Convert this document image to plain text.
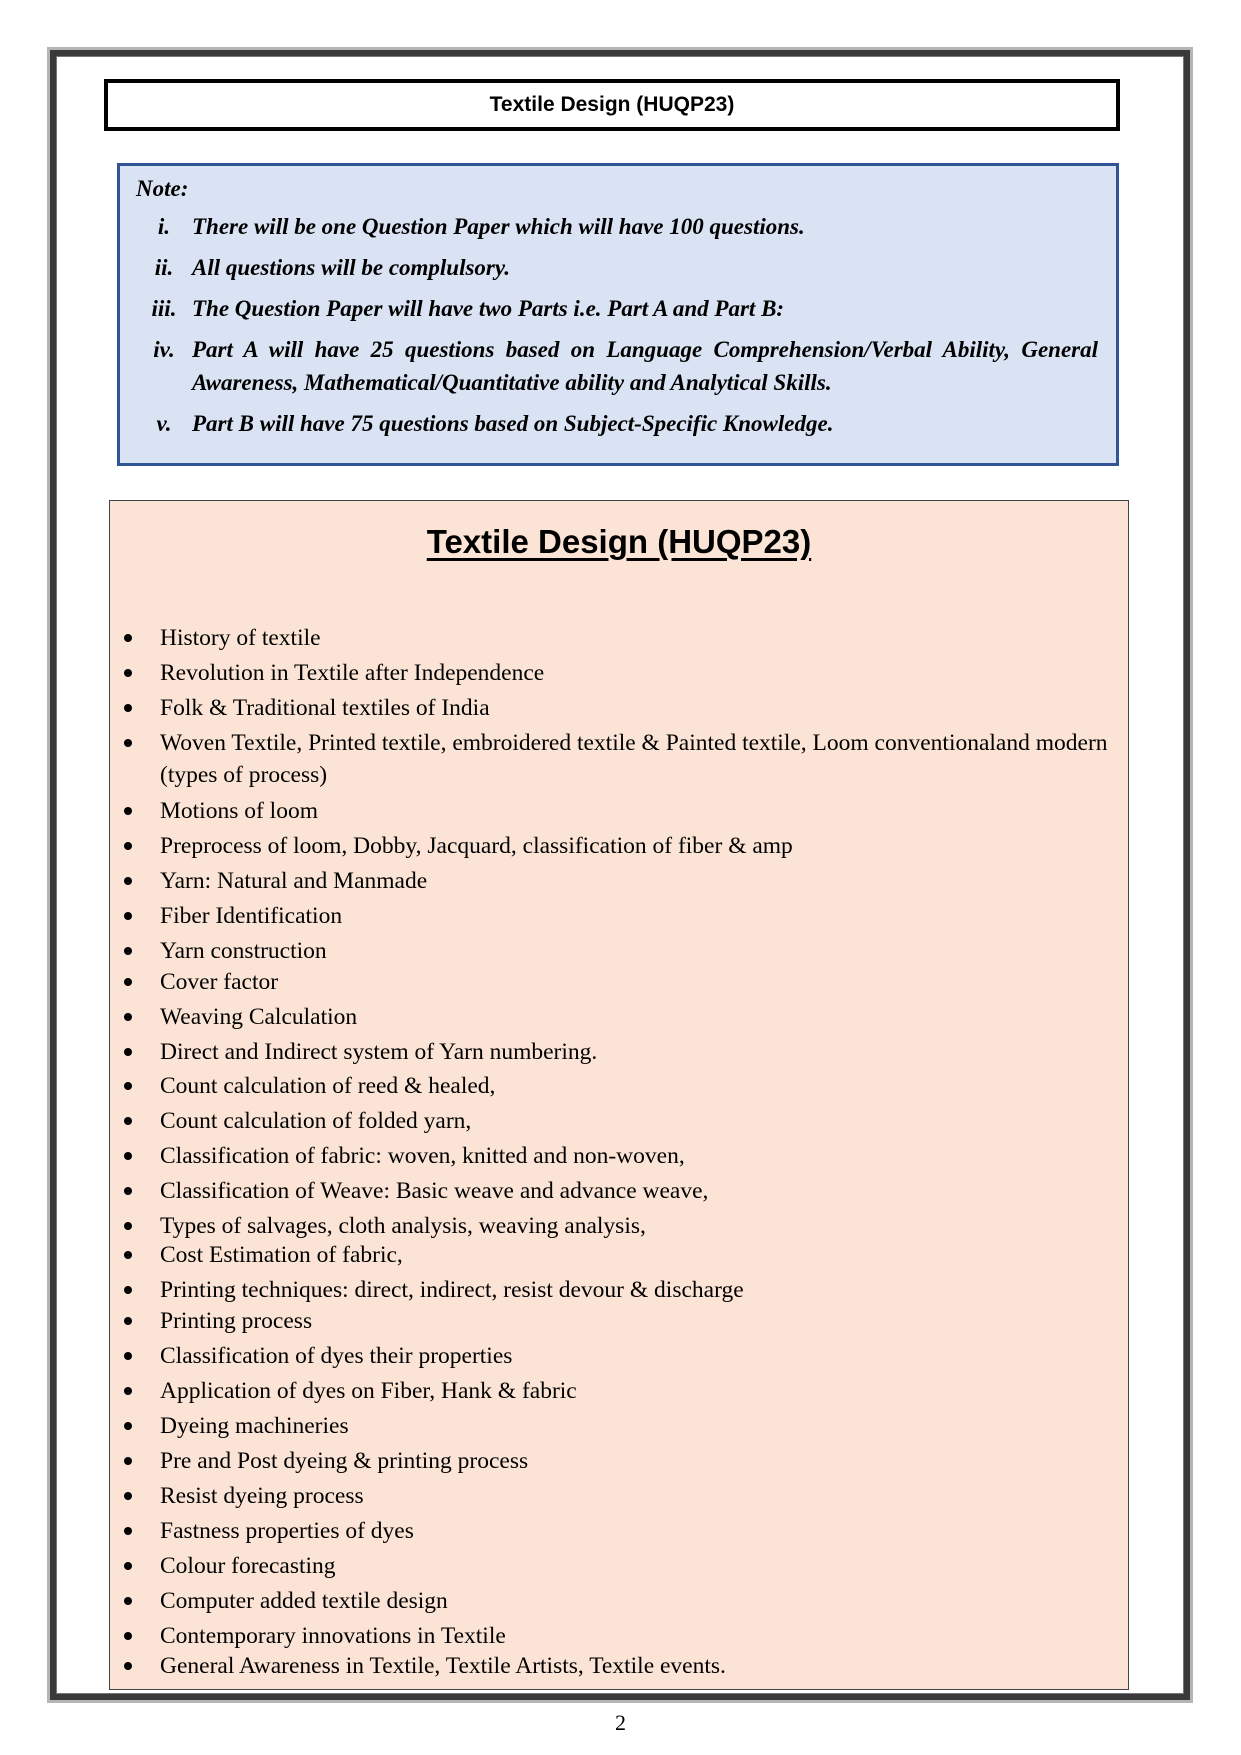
Textile Design (HUQP23)
Note:
i. There will be one Question Paper which will have 100 questions.
ii. All questions will be complulsory.
iii. The Question Paper will have two Parts i.e. Part A and Part B:
iv. Part A will have 25 questions based on Language Comprehension/Verbal Ability, General Awareness, Mathematical/Quantitative ability and Analytical Skills.
v. Part B will have 75 questions based on Subject-Specific Knowledge.
Textile Design (HUQP23)
History of textile
Revolution in Textile after Independence
Folk & Traditional textiles of India
Woven Textile, Printed textile, embroidered textile & Painted textile, Loom conventionaland modern (types of process)
Motions of loom
Preprocess of loom, Dobby, Jacquard, classification of fiber & amp
Yarn: Natural and Manmade
Fiber Identification
Yarn construction
Cover factor
Weaving Calculation
Direct and Indirect system of Yarn numbering.
Count calculation of reed & healed,
Count calculation of folded yarn,
Classification of fabric: woven, knitted and non-woven,
Classification of Weave: Basic weave and advance weave,
Types of salvages, cloth analysis, weaving analysis,
Cost Estimation of fabric,
Printing techniques: direct, indirect, resist devour & discharge
Printing process
Classification of dyes their properties
Application of dyes on Fiber, Hank & fabric
Dyeing machineries
Pre and Post dyeing & printing process
Resist dyeing process
Fastness properties of dyes
Colour forecasting
Computer added textile design
Contemporary innovations in Textile
General Awareness in Textile, Textile Artists, Textile events.
2
